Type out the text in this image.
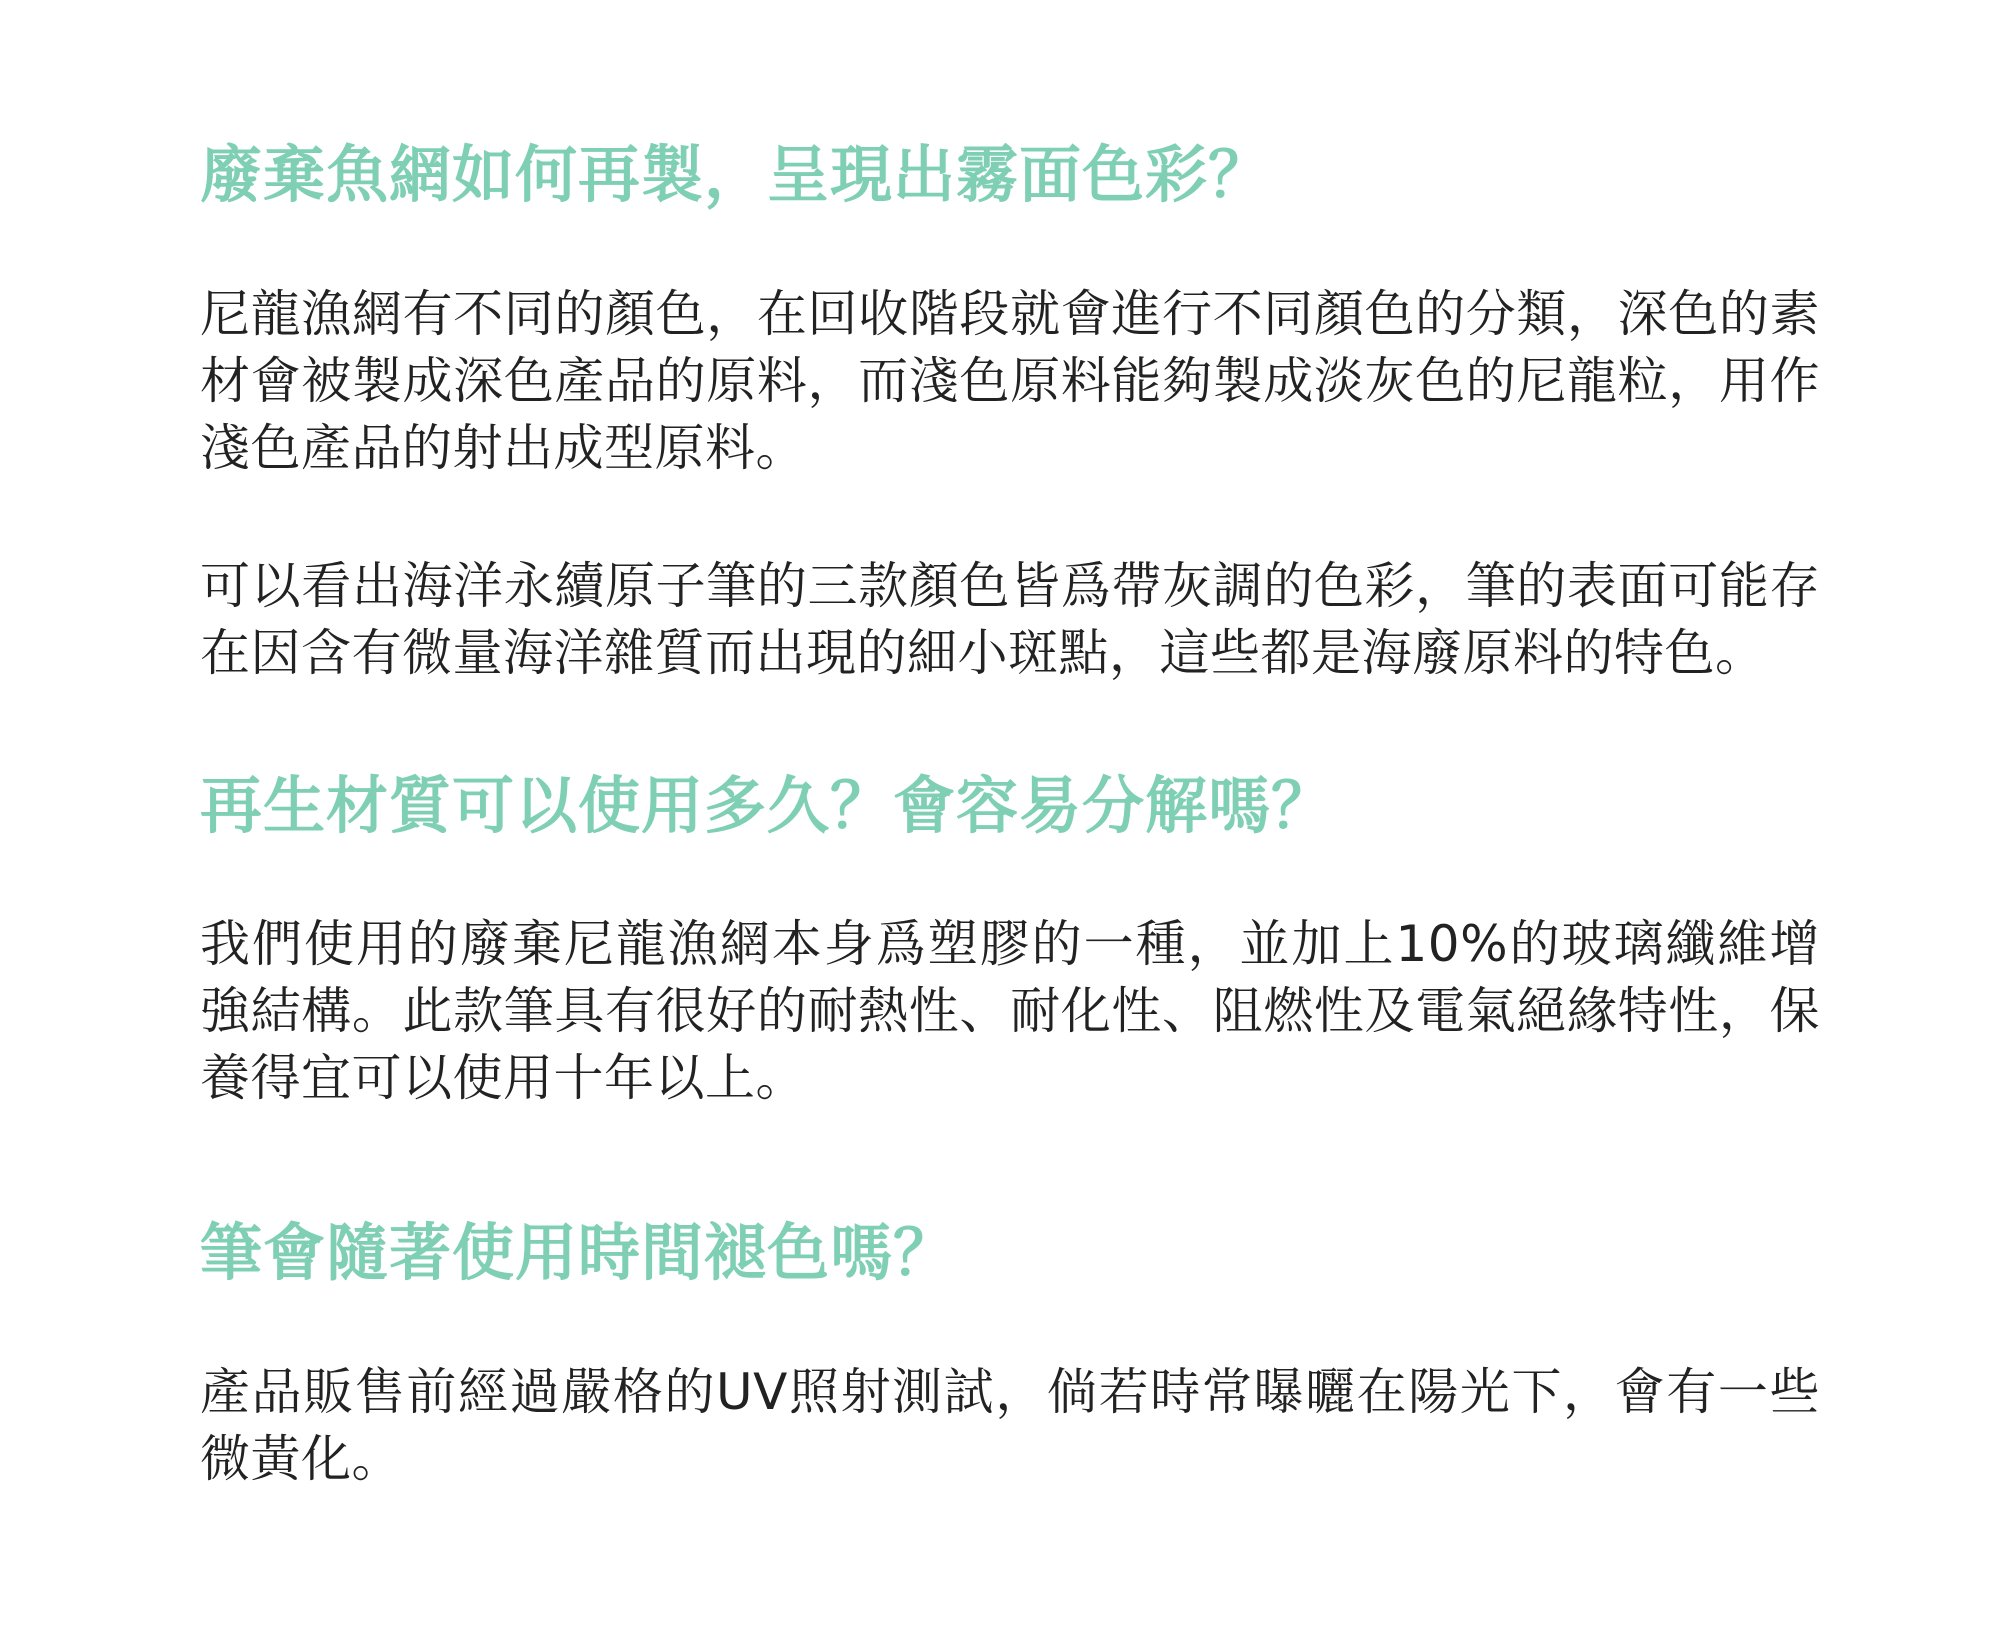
廢棄魚網如何再製，呈現出霧面色彩？

尼龍漁網有不同的顏色，在回收階段就會進行不同顏色的分類，深色的素材會被製成深色產品的原料，而淺色原料能夠製成淡灰色的尼龍粒，用作淺色產品的射出成型原料。

可以看出海洋永續原子筆的三款顏色皆爲帶灰調的色彩，筆的表面可能存在因含有微量海洋雜質而出現的細小斑點，這些都是海廢原料的特色。

再生材質可以使用多久？會容易分解嗎？

我們使用的廢棄尼龍漁網本身爲塑膠的一種，並加上10%的玻璃纖維增強結構。此款筆具有很好的耐熱性、耐化性、阻燃性及電氣絕緣特性，保養得宜可以使用十年以上。

筆會隨著使用時間褪色嗎？

產品販售前經過嚴格的UV照射測試，倘若時常曝曬在陽光下，會有一些微黃化。
